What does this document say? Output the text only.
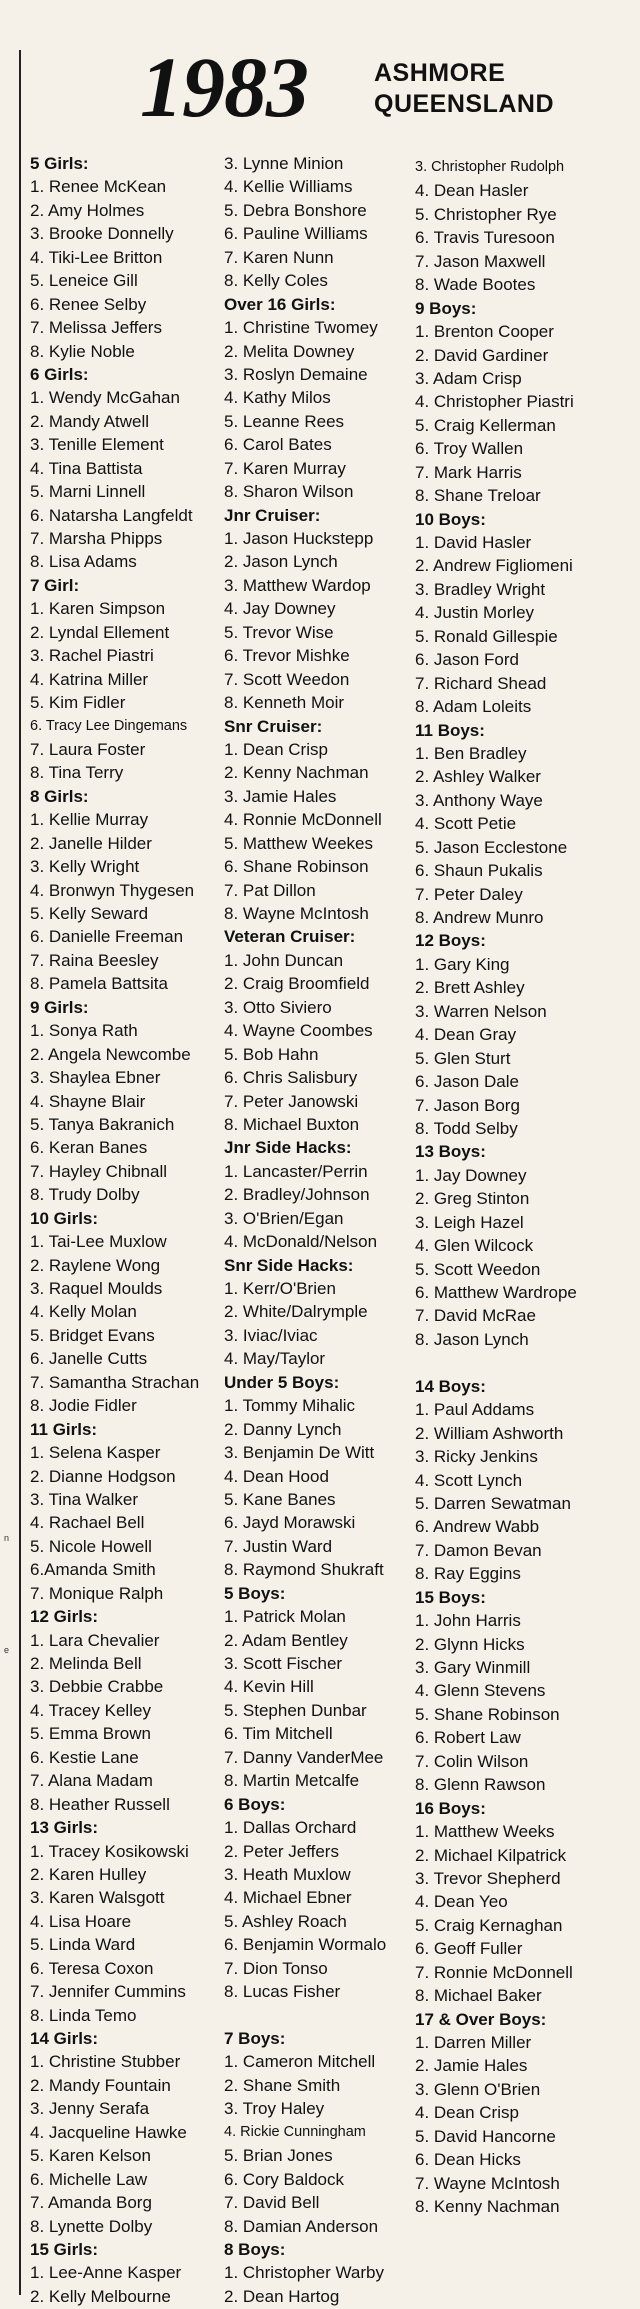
n
e
1983	ASHMORE
QUEENSLAND
5 Girls:
1. Renee McKean
2. Amy Holmes
3. Brooke Donnelly
4. Tiki-Lee Britton
5. Leneice Gill
6. Renee Selby
7. Melissa Jeffers
8. Kylie Noble
6 Girls:
1. Wendy McGahan
2. Mandy Atwell
3. Tenille Element
4. Tina Battista
5. Marni Linnell
6. Natarsha Langfeldt
7. Marsha Phipps
8. Lisa Adams
7 Girl:
1. Karen Simpson
2. Lyndal Ellement
3. Rachel Piastri
4. Katrina Miller
5. Kim Fidler
6. Tracy Lee Dingemans
7. Laura Foster
8. Tina Terry
8 Girls:
1. Kellie Murray
2. Janelle Hilder
3. Kelly Wright
4. Bronwyn Thygesen
5. Kelly Seward
6. Danielle Freeman
7. Raina Beesley
8. Pamela Battsita
9 Girls:
1. Sonya Rath
2. Angela Newcombe
3. Shaylea Ebner
4. Shayne Blair
5. Tanya Bakranich
6. Keran Banes
7. Hayley Chibnall
8. Trudy Dolby
10 Girls:
1. Tai-Lee Muxlow
2. Raylene Wong
3. Raquel Moulds
4. Kelly Molan
5. Bridget Evans
6. Janelle Cutts
7. Samantha Strachan
8. Jodie Fidler
11 Girls:
1. Selena Kasper
2. Dianne Hodgson
3. Tina Walker
4. Rachael Bell
5. Nicole Howell
6.Amanda Smith
7. Monique Ralph
12 Girls:
1. Lara Chevalier
2. Melinda Bell
3. Debbie Crabbe
4. Tracey Kelley
5. Emma Brown
6. Kestie Lane
7. Alana Madam
8. Heather Russell
13 Girls:
1. Tracey Kosikowski
2. Karen Hulley
3. Karen Walsgott
4. Lisa Hoare
5. Linda Ward
6. Teresa Coxon
7. Jennifer Cummins
8. Linda Temo
14 Girls:
1. Christine Stubber
2. Mandy Fountain
3. Jenny Serafa
4. Jacqueline Hawke
5. Karen Kelson
6. Michelle Law
7. Amanda Borg
8. Lynette Dolby
15 Girls:
1. Lee-Anne Kasper
2. Kelly Melbourne
3. Lynne Minion
4. Kellie Williams
5. Debra Bonshore
6. Pauline Williams
7. Karen Nunn
8. Kelly Coles
Over 16 Girls:
1. Christine Twomey
2. Melita Downey
3. Roslyn Demaine
4. Kathy Milos
5. Leanne Rees
6. Carol Bates
7. Karen Murray
8. Sharon Wilson
Jnr Cruiser:
1. Jason Huckstepp
2. Jason Lynch
3. Matthew Wardop
4. Jay Downey
5. Trevor Wise
6. Trevor Mishke
7. Scott Weedon
8. Kenneth Moir
Snr Cruiser:
1. Dean Crisp
2. Kenny Nachman
3. Jamie Hales
4. Ronnie McDonnell
5. Matthew Weekes
6. Shane Robinson
7. Pat Dillon
8. Wayne McIntosh
Veteran Cruiser:
1. John Duncan
2. Craig Broomfield
3. Otto Siviero
4. Wayne Coombes
5. Bob Hahn
6. Chris Salisbury
7. Peter Janowski
8. Michael Buxton
Jnr Side Hacks:
1. Lancaster/Perrin
2. Bradley/Johnson
3. O'Brien/Egan
4. McDonald/Nelson
Snr Side Hacks:
1. Kerr/O'Brien
2. White/Dalrymple
3. Iviac/Iviac
4. May/Taylor
Under 5 Boys:
1. Tommy Mihalic
2. Danny Lynch
3. Benjamin De Witt
4. Dean Hood
5. Kane Banes
6. Jayd Morawski
7. Justin Ward
8. Raymond Shukraft
5 Boys:
1. Patrick Molan
2. Adam Bentley
3. Scott Fischer
4. Kevin Hill
5. Stephen Dunbar
6. Tim Mitchell
7. Danny VanderMee
8. Martin Metcalfe
6 Boys:
1. Dallas Orchard
2. Peter Jeffers
3. Heath Muxlow
4. Michael Ebner
5. Ashley Roach
6. Benjamin Wormalo
7. Dion Tonso
8. Lucas Fisher
7 Boys:
1. Cameron Mitchell
2. Shane Smith
3. Troy Haley
4. Rickie Cunningham
5. Brian Jones
6. Cory Baldock
7. David Bell
8. Damian Anderson
8 Boys:
1. Christopher Warby
2. Dean Hartog
3. Christopher Rudolph
4. Dean Hasler
5. Christopher Rye
6. Travis Turesoon
7. Jason Maxwell
8. Wade Bootes
9 Boys:
1. Brenton Cooper
2. David Gardiner
3. Adam Crisp
4. Christopher Piastri
5. Craig Kellerman
6. Troy Wallen
7. Mark Harris
8. Shane Treloar
10 Boys:
1. David Hasler
2. Andrew Figliomeni
3. Bradley Wright
4. Justin Morley
5. Ronald Gillespie
6. Jason Ford
7. Richard Shead
8. Adam Loleits
11 Boys:
1. Ben Bradley
2. Ashley Walker
3. Anthony Waye
4. Scott Petie
5. Jason Ecclestone
6. Shaun Pukalis
7. Peter Daley
8. Andrew Munro
12 Boys:
1. Gary King
2. Brett Ashley
3. Warren Nelson
4. Dean Gray
5. Glen Sturt
6. Jason Dale
7. Jason Borg
8. Todd Selby
13 Boys:
1. Jay Downey
2. Greg Stinton
3. Leigh Hazel
4. Glen Wilcock
5. Scott Weedon
6. Matthew Wardrope
7. David McRae
8. Jason Lynch
14 Boys:
1. Paul Addams
2. William Ashworth
3. Ricky Jenkins
4. Scott Lynch
5. Darren Sewatman
6. Andrew Wabb
7. Damon Bevan
8. Ray Eggins
15 Boys:
1. John Harris
2. Glynn Hicks
3. Gary Winmill
4. Glenn Stevens
5. Shane Robinson
6. Robert Law
7. Colin Wilson
8. Glenn Rawson
16 Boys:
1. Matthew Weeks
2. Michael Kilpatrick
3. Trevor Shepherd
4. Dean Yeo
5. Craig Kernaghan
6. Geoff Fuller
7. Ronnie McDonnell
8. Michael Baker
17 & Over Boys:
1. Darren Miller
2. Jamie Hales
3. Glenn O'Brien
4. Dean Crisp
5. David Hancorne
6. Dean Hicks
7. Wayne McIntosh
8. Kenny Nachman
